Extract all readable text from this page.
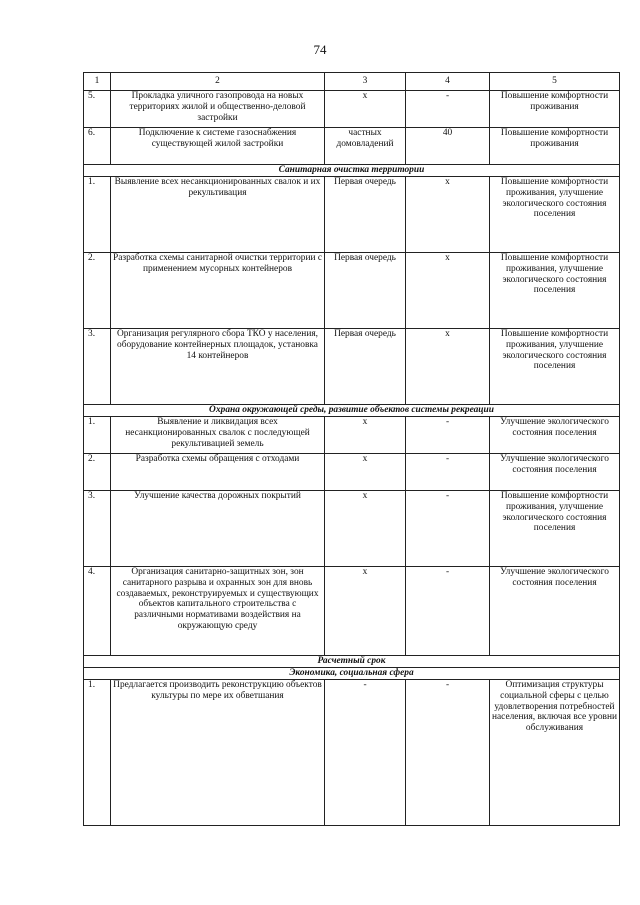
74
1	2	3	4	5
5.	Прокладка уличного газопровода на новых территориях жилой и общественно-деловой застройки	х	-	Повышение комфортности проживания
6.	Подключение к системе газоснабжения существующей жилой застройки	частных домовладений	40	Повышение комфортности проживания
Санитарная очистка территории				
1.	Выявление всех несанкционированных свалок и их рекультивация	Первая очередь	х	Повышение комфортности проживания, улучшение экологического состояния поселения
2.	Разработка схемы санитарной очистки территории с применением мусорных контейнеров	Первая очередь	х	Повышение комфортности проживания, улучшение экологического состояния поселения
3.	Организация регулярного сбора ТКО у населения, оборудование контейнерных площадок, установка 14 контейнеров	Первая очередь	х	Повышение комфортности проживания, улучшение экологического состояния поселения
Охрана окружающей среды, развитие объектов системы рекреации				
1.	Выявление и ликвидация всех несанкционированных свалок с последующей рекультивацией земель	х	-	Улучшение экологического состояния поселения
2.	Разработка схемы обращения с отходами	х	-	Улучшение экологического состояния поселения
3.	Улучшение качества дорожных покрытий	х	-	Повышение комфортности проживания, улучшение экологического состояния поселения
4.	Организация санитарно-защитных зон, зон санитарного разрыва и охранных зон для вновь создаваемых, реконструируемых и существующих объектов капитального строительства с различными нормативами воздействия на окружающую среду	х	-	Улучшение экологического состояния поселения
Расчетный срок				
Экономика, социальная сфера				
1.	Предлагается производить реконструкцию объектов культуры по мере их обветшания	-	-	Оптимизация структуры социальной сферы с целью удовлетворения потребностей населения, включая все уровни обслуживания
